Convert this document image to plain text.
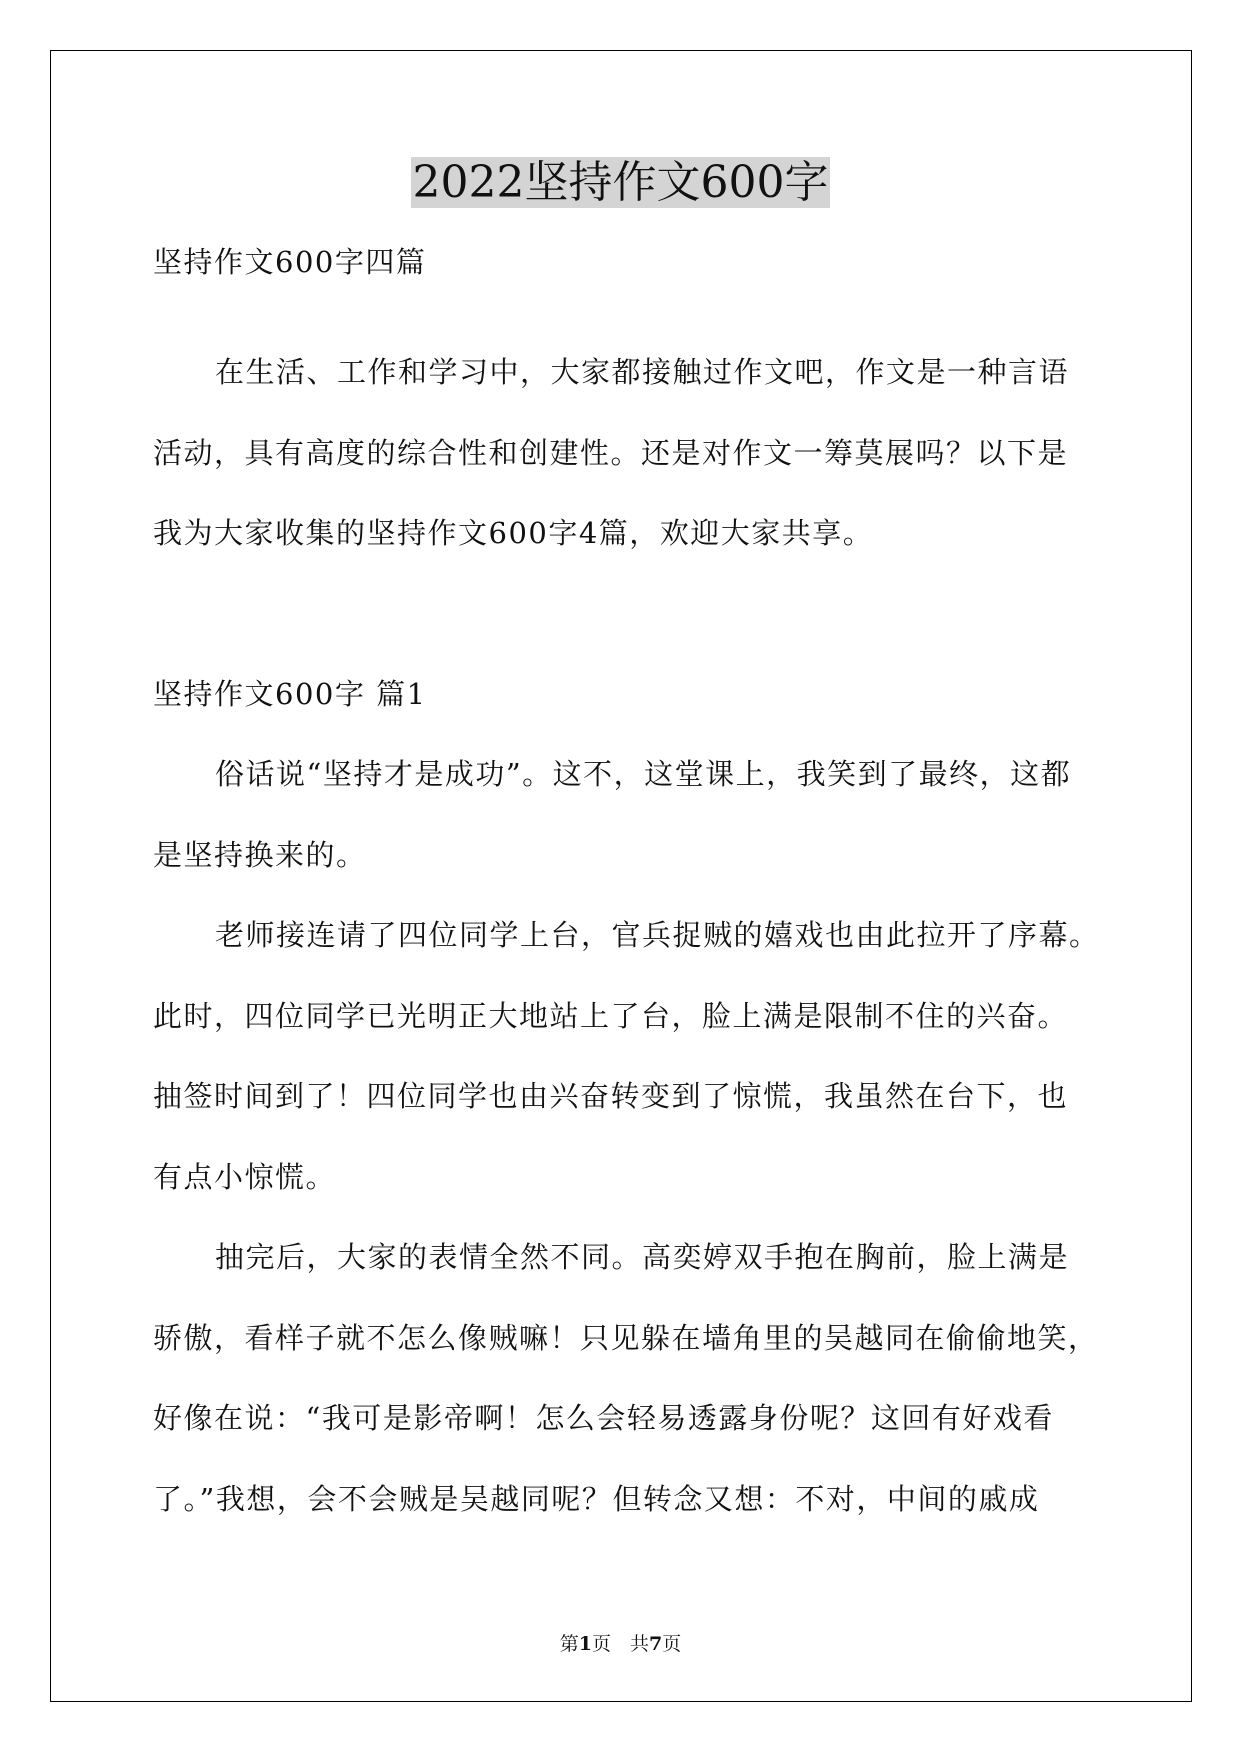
2022坚持作文600字

坚持作文600字四篇

在生活、工作和学习中，大家都接触过作文吧，作文是一种言语

活动，具有高度的综合性和创建性。还是对作文一筹莫展吗？以下是

我为大家收集的坚持作文600字4篇，欢迎大家共享。

坚持作文600字 篇1

俗话说“坚持才是成功”。这不，这堂课上，我笑到了最终，这都

是坚持换来的。

老师接连请了四位同学上台，官兵捉贼的嬉戏也由此拉开了序幕。

此时，四位同学已光明正大地站上了台，脸上满是限制不住的兴奋。

抽签时间到了！四位同学也由兴奋转变到了惊慌，我虽然在台下，也

有点小惊慌。

抽完后，大家的表情全然不同。高奕婷双手抱在胸前，脸上满是

骄傲，看样子就不怎么像贼嘛！只见躲在墙角里的吴越同在偷偷地笑，

好像在说：“我可是影帝啊！怎么会轻易透露身份呢？这回有好戏看

了。”我想，会不会贼是吴越同呢？但转念又想：不对，中间的戚成

第1页　共7页
